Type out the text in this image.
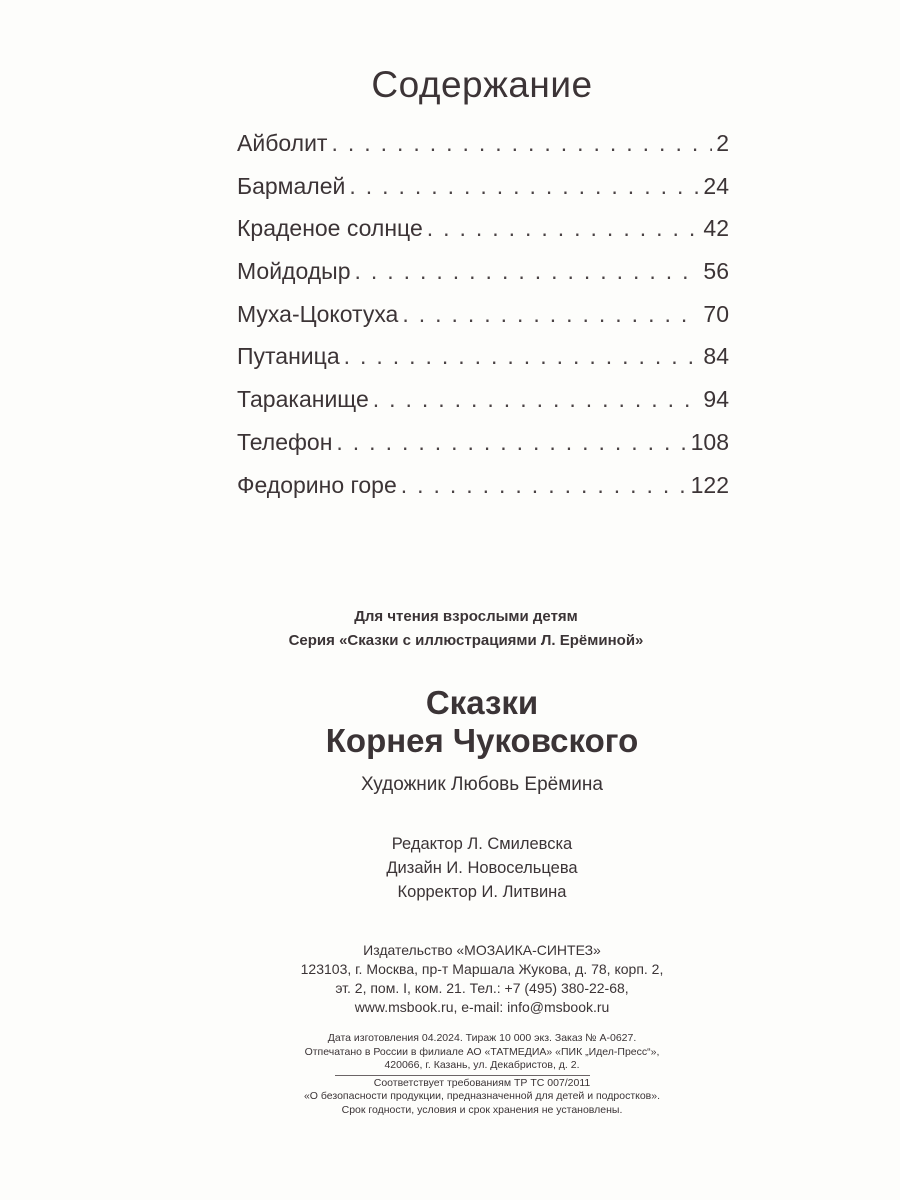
Содержание
Айболит . . .	2
Бармалей . . .	24
Краденое солнце . . .	42
Мойдодыр . . .	56
Муха-Цокотуха . . .	70
Путаница . . .	84
Тараканище . . .	94
Телефон . . .	108
Федорино горе . . .	122
Для чтения взрослыми детям
Серия «Сказки с иллюстрациями Л. Ерёминой»
Сказки
Корнея Чуковского
Художник Любовь Ерёмина
Редактор Л. Смилевска
Дизайн И. Новосельцева
Корректор И. Литвина
Издательство «МОЗАИКА-СИНТЕЗ»
123103, г. Москва, пр-т Маршала Жукова, д. 78, корп. 2,
эт. 2, пом. I, ком. 21. Тел.: +7 (495) 380-22-68,
www.msbook.ru, e-mail: info@msbook.ru
Дата изготовления 04.2024. Тираж 10 000 экз. Заказ № А-0627.
Отпечатано в России в филиале АО «ТАТМЕДИА» «ПИК „Идел-Пресс“»,
420066, г. Казань, ул. Декабристов, д. 2.
Соответствует требованиям ТР ТС 007/2011
«О безопасности продукции, предназначенной для детей и подростков».
Срок годности, условия и срок хранения не установлены.
